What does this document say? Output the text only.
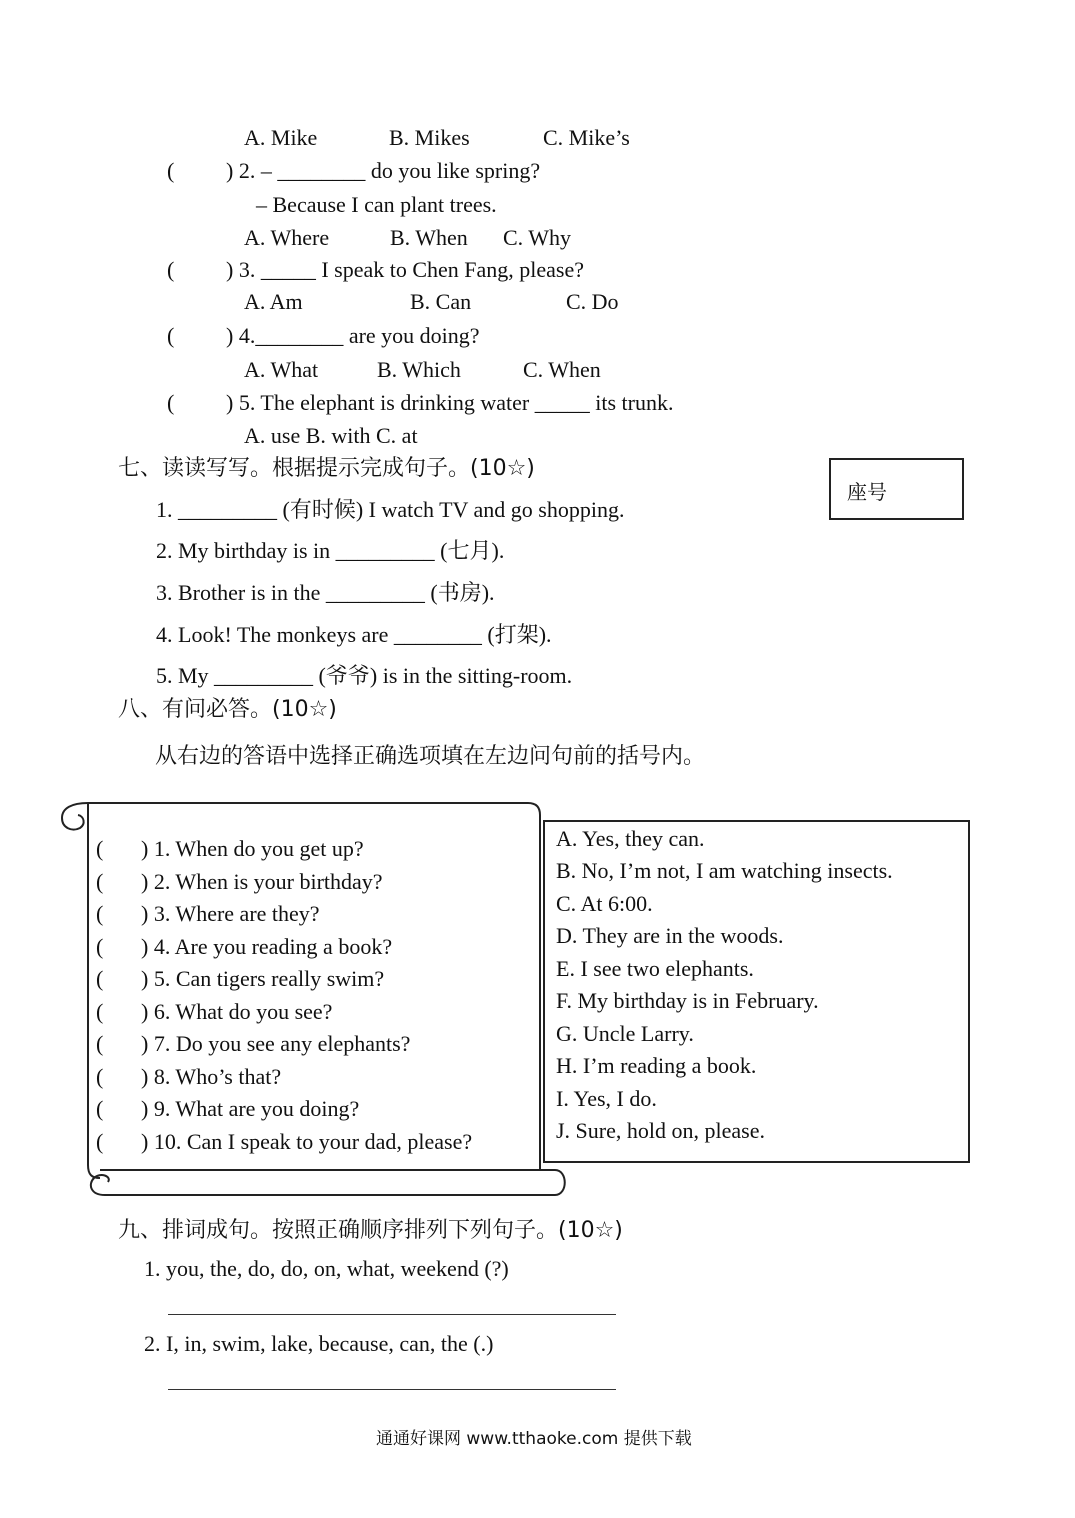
A. Mike	B. Mikes	C. Mike’s
( ) 2. – ________ do you like spring?
– Because I can plant trees.
A. Where	B. When C. Why
( ) 3. _____ I speak to Chen Fang, please?
A. Am	B. Can	C. Do
( ) 4.________ are you doing?
A. What	B. Which	C. When
( ) 5. The elephant is drinking water _____ its trunk.
A. use B. with C. at
七、读读写写。根据提示完成句子。(10☆)
座号
1. _________ (有时候) I watch TV and go shopping.
2. My birthday is in _________ (七月).
3. Brother is in the _________ (书房).
4. Look! The monkeys are ________ (打架).
5. My _________ (爷爷) is in the sitting-room.
八、有问必答。(10☆)
从右边的答语中选择正确选项填在左边问句前的括号内。
( ) 1. When do you get up?
( ) 2. When is your birthday?
( ) 3. Where are they?
( ) 4. Are you reading a book?
( ) 5. Can tigers really swim?
( ) 6. What do you see?
( ) 7. Do you see any elephants?
( ) 8. Who’s that?
( ) 9. What are you doing?
( ) 10. Can I speak to your dad, please?
A. Yes, they can.
B. No, I’m not, I am watching insects.
C. At 6:00.
D. They are in the woods.
E. I see two elephants.
F. My birthday is in February.
G. Uncle Larry.
H. I’m reading a book.
I. Yes, I do.
J. Sure, hold on, please.
九、排词成句。按照正确顺序排列下列句子。(10☆)
1. you, the, do, do, on, what, weekend (?)
2. I, in, swim, lake, because, can, the (.)
通通好课网 www.tthaoke.com 提供下载
